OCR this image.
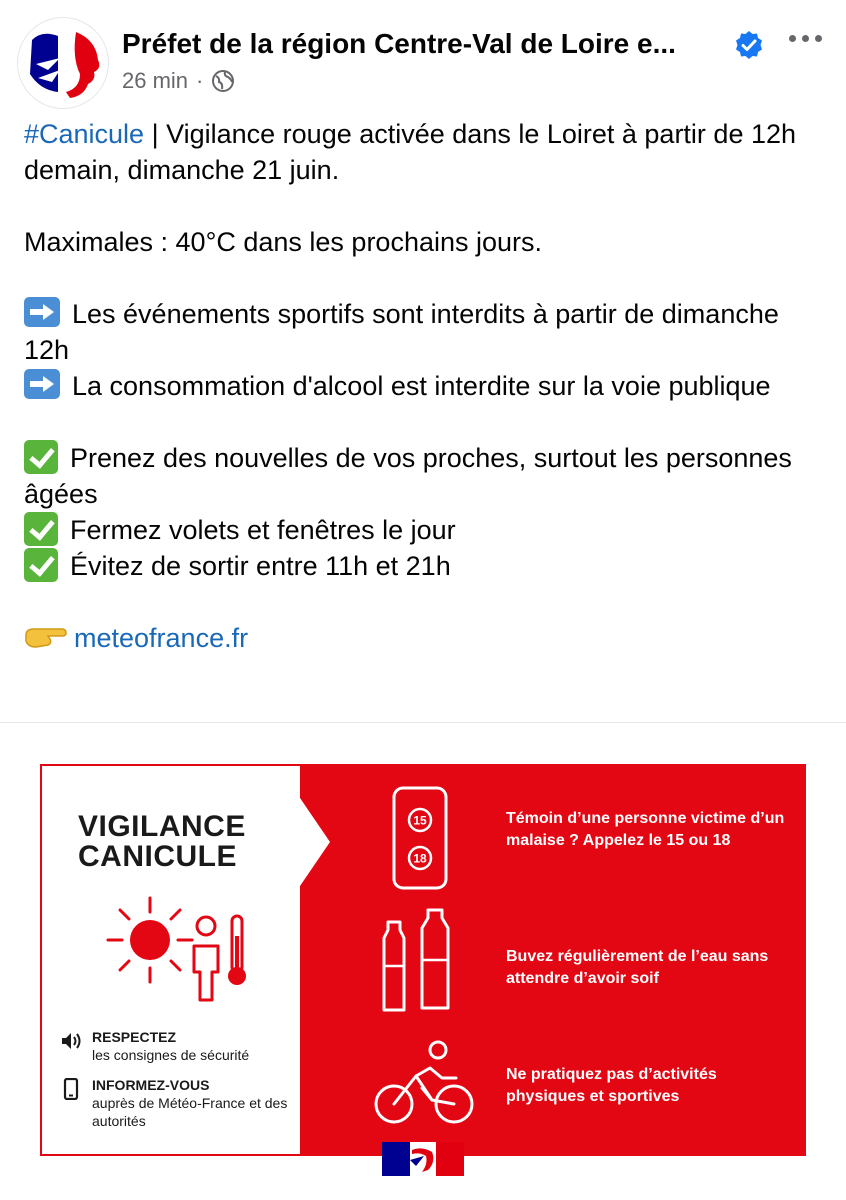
Préfet de la région Centre-Val de Loire e...
26 min ·

#Canicule | Vigilance rouge activée dans le Loiret à partir de 12h demain, dimanche 21 juin.

Maximales : 40°C dans les prochains jours.

Les événements sportifs sont interdits à partir de dimanche 12h

La consommation d'alcool est interdite sur la voie publique

Prenez des nouvelles de vos proches, surtout les personnes âgées

Fermez volets et fenêtres le jour

Évitez de sortir entre 11h et 21h

meteofrance.fr

VIGILANCE
CANICULE
RESPECTEZ
les consignes de sécurité
INFORMEZ-VOUS
auprès de Météo-France et des autorités
15
18
Témoin d’une personne victime d’un malaise ? Appelez le 15 ou 18
Buvez régulièrement de l’eau sans attendre d’avoir soif
Ne pratiquez pas d’activités physiques et sportives
